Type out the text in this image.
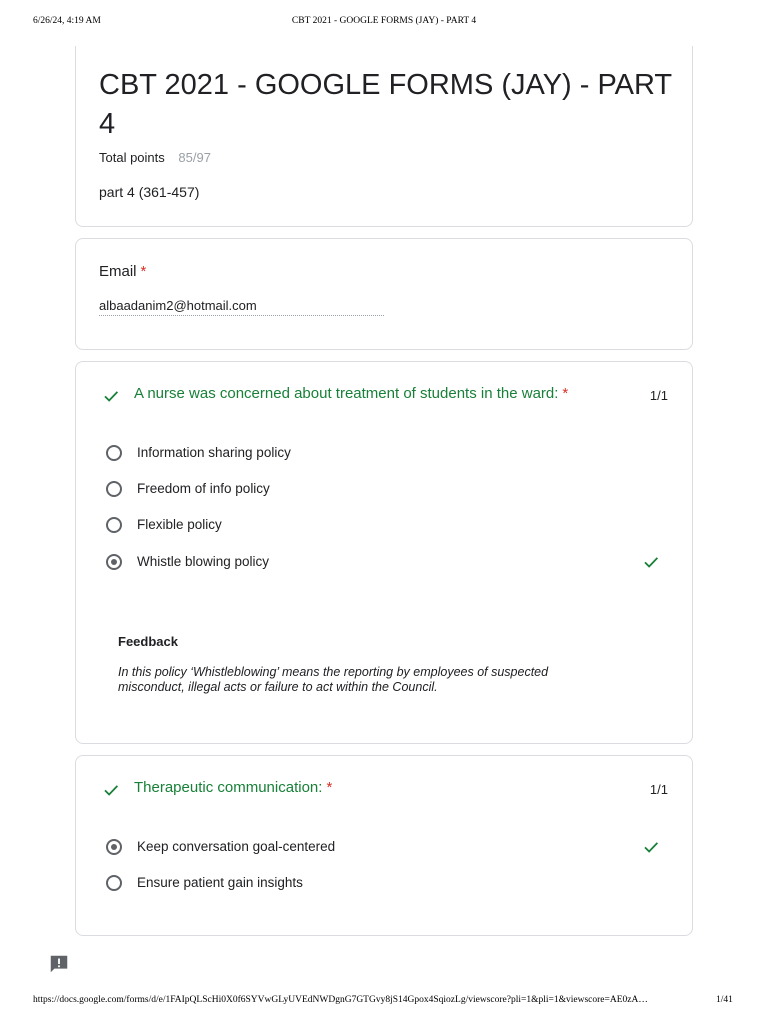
6/26/24, 4:19 AM	CBT 2021 - GOOGLE FORMS (JAY) - PART 4
CBT 2021 - GOOGLE FORMS (JAY) - PART 4
Total points 85/97
part 4 (361-457)
Email *
albaadanim2@hotmail.com
A nurse was concerned about treatment of students in the ward: *	1/1
Information sharing policy
Freedom of info policy
Flexible policy
Whistle blowing policy
Feedback
In this policy ‘Whistleblowing’ means the reporting by employees of suspected misconduct, illegal acts or failure to act within the Council.
Therapeutic communication: *	1/1
Keep conversation goal-centered
Ensure patient gain insights
https://docs.google.com/forms/d/e/1FAIpQLScHi0X0f6SYVwGLyUVEdNWDgnG7GTGvy8jS14Gpox4SqiozLg/viewscore?pli=1&pli=1&viewscore=AE0zA…	1/41
